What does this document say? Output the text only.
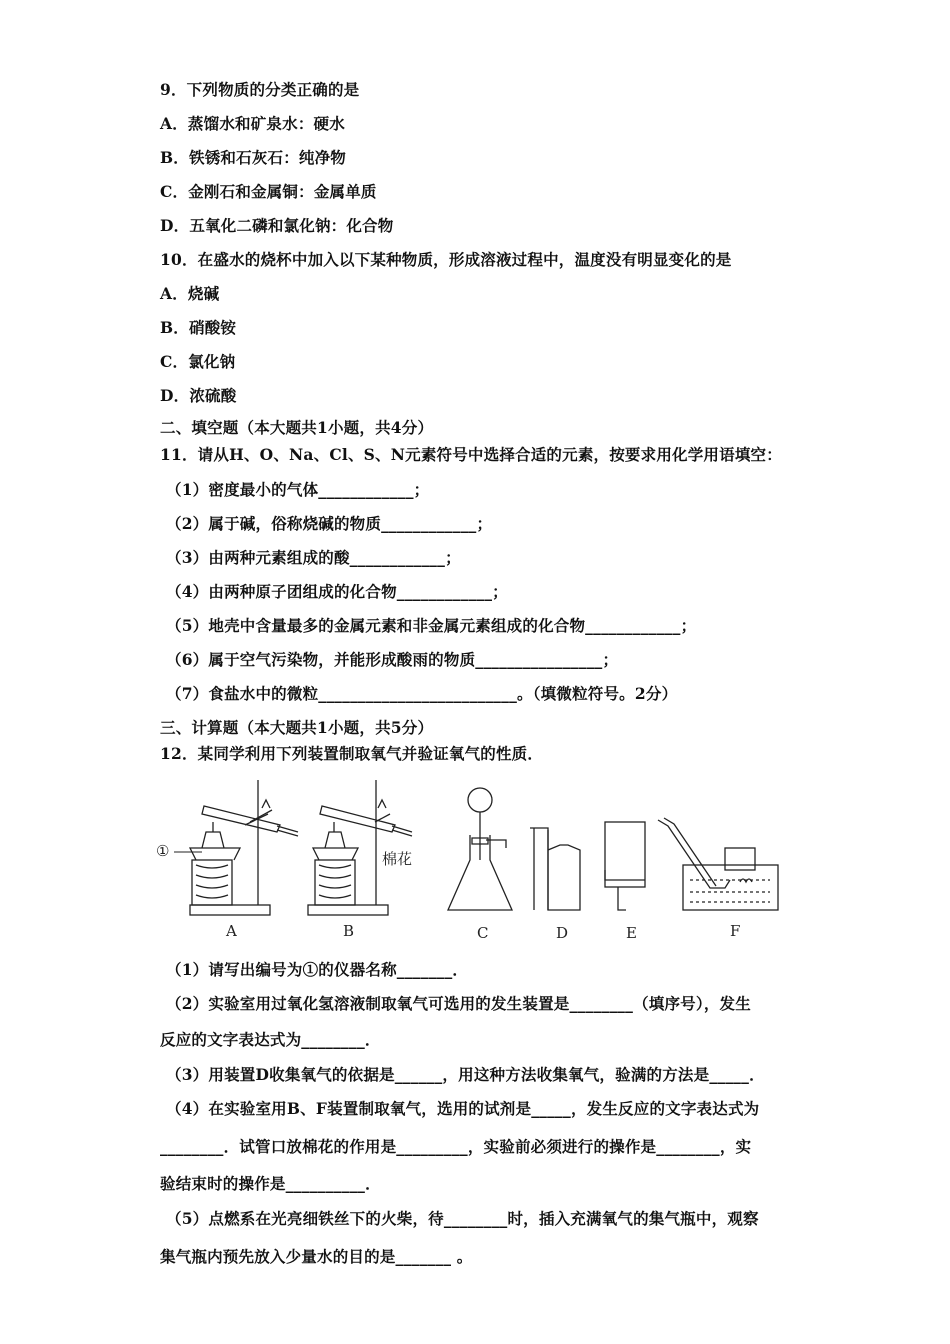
9．下列物质的分类正确的是
A．蒸馏水和矿泉水：硬水
B．铁锈和石灰石：纯净物
C．金刚石和金属铜：金属单质
D．五氧化二磷和氯化钠：化合物
10．在盛水的烧杯中加入以下某种物质，形成溶液过程中，温度没有明显变化的是
A．烧碱
B．硝酸铵
C．氯化钠
D．浓硫酸
二、填空题（本大题共1小题，共4分）
11．请从H、O、Na、Cl、S、N元素符号中选择合适的元素，按要求用化学用语填空：
（1）密度最小的气体____________；
（2）属于碱，俗称烧碱的物质____________；
（3）由两种元素组成的酸____________；
（4）由两种原子团组成的化合物____________；
（5）地壳中含量最多的金属元素和非金属元素组成的化合物____________；
（6）属于空气污染物，并能形成酸雨的物质________________；
（7）食盐水中的微粒_________________________。（填微粒符号。2分）
三、计算题（本大题共1小题，共5分）
12．某同学利用下列装置制取氧气并验证氧气的性质．
①	棉花
A	B	C	D	E	F
（1）请写出编号为①的仪器名称_______．
（2）实验室用过氧化氢溶液制取氧气可选用的发生装置是________（填序号），发生
反应的文字表达式为________．
（3）用装置D收集氧气的依据是______，用这种方法收集氧气，验满的方法是_____．
（4）在实验室用B、F装置制取氧气，选用的试剂是_____，发生反应的文字表达式为
________．试管口放棉花的作用是_________，实验前必须进行的操作是________，实
验结束时的操作是__________．
（5）点燃系在光亮细铁丝下的火柴，待________时，插入充满氧气的集气瓶中，观察
集气瓶内预先放入少量水的目的是_______ 。
